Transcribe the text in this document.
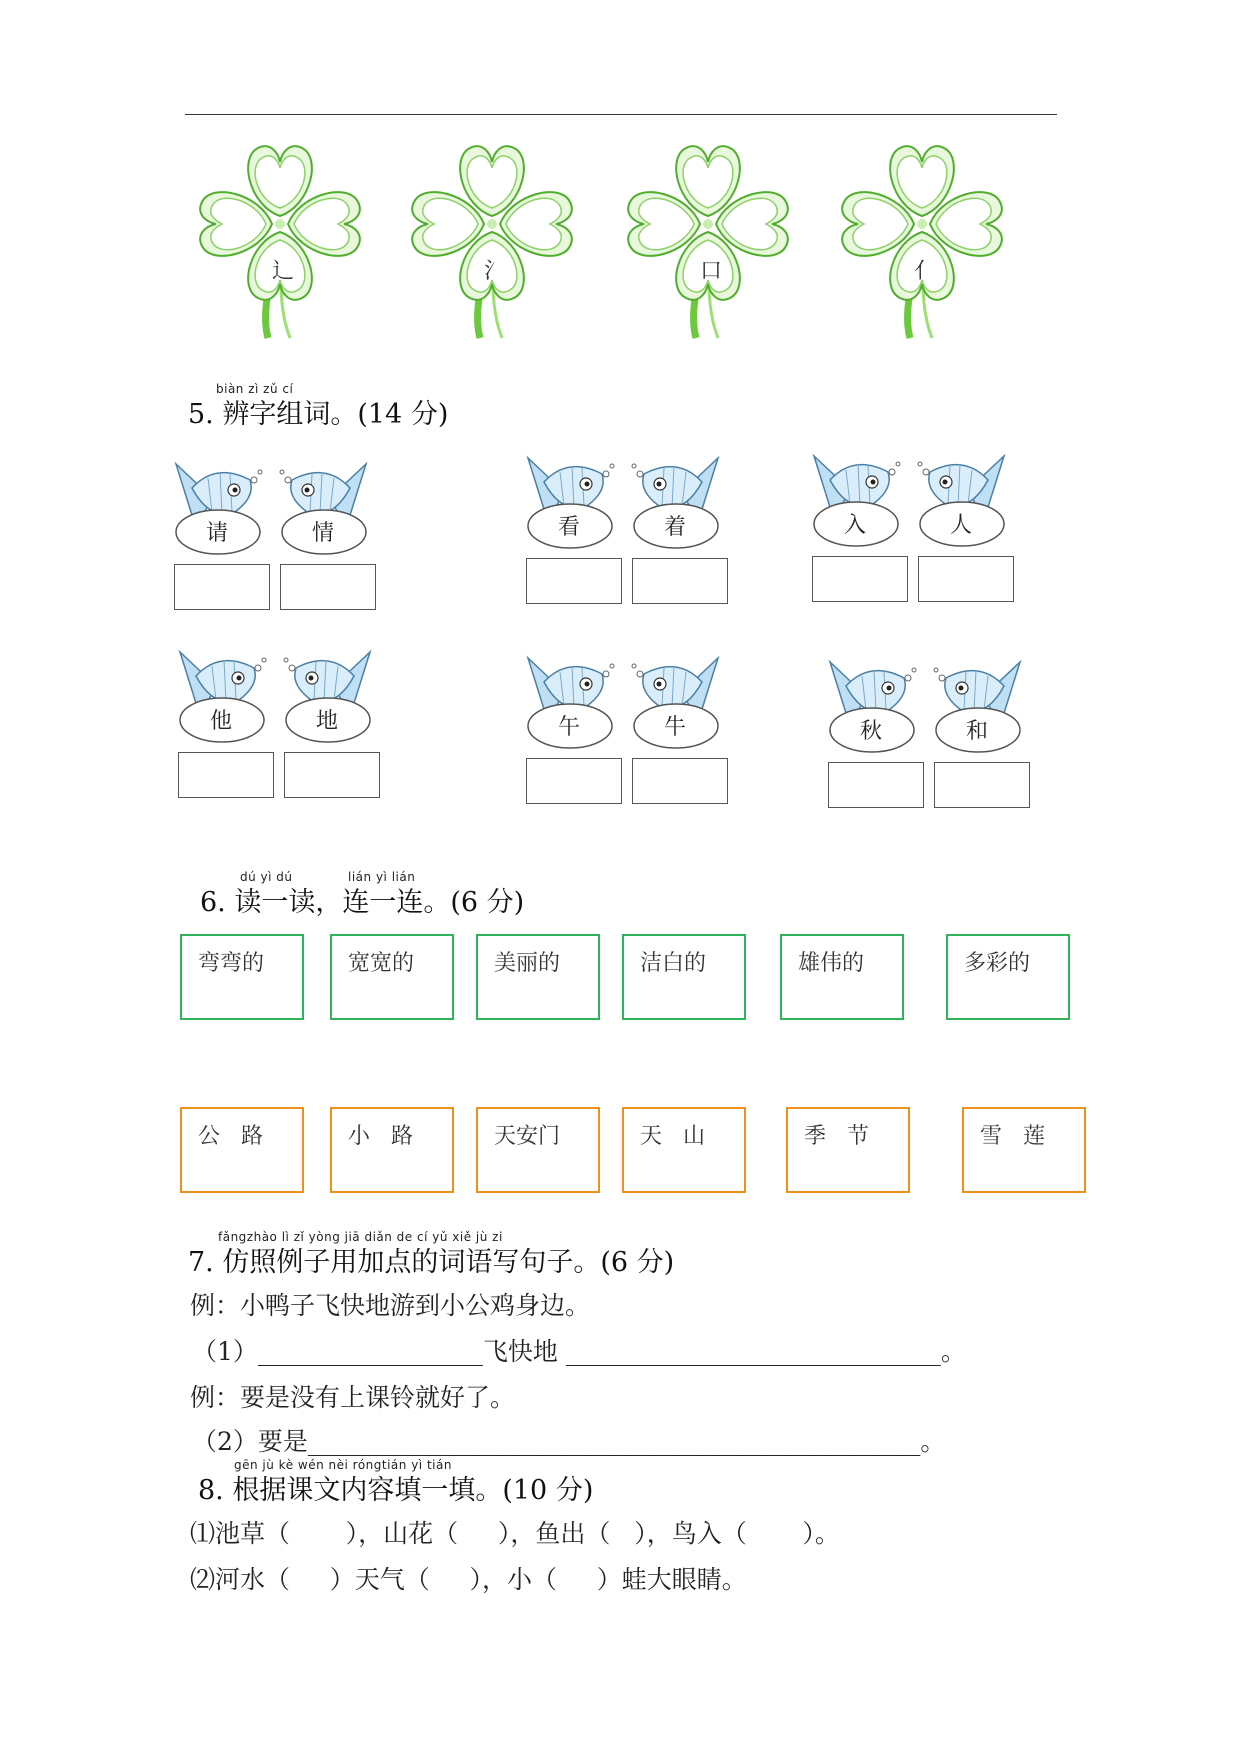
⻌	氵	口	亻
biàn zì zǔ cí
5. 辨字组词。(14 分)
请	情	看	着	入	人
他	地	午	牛	秋	和
dú yì dú	lián yì lián
6. 读一读，连一连。(6 分)
弯弯的	宽宽的	美丽的	洁白的	雄伟的	多彩的
公   路	小   路	天安门	天   山	季   节	雪   莲
fǎngzhào lì zǐ yòng jiā diǎn de cí yǔ xiě jù zi
7. 仿照例子用加点的词语写句子。(6 分)
例：小鸭子飞快地游到小公鸡身边。
（1）__________________飞快地 ______________________________。
例：要是没有上课铃就好了。
（2）要是_________________________________________________。
gēn jù kè wén nèi róngtián yì tián
8. 根据课文内容填一填。(10 分)
⑴池草（       ），山花（     ），鱼出（   ），鸟入（       ）。
⑵河水（     ）天气（     ），小（     ）蛙大眼睛。
